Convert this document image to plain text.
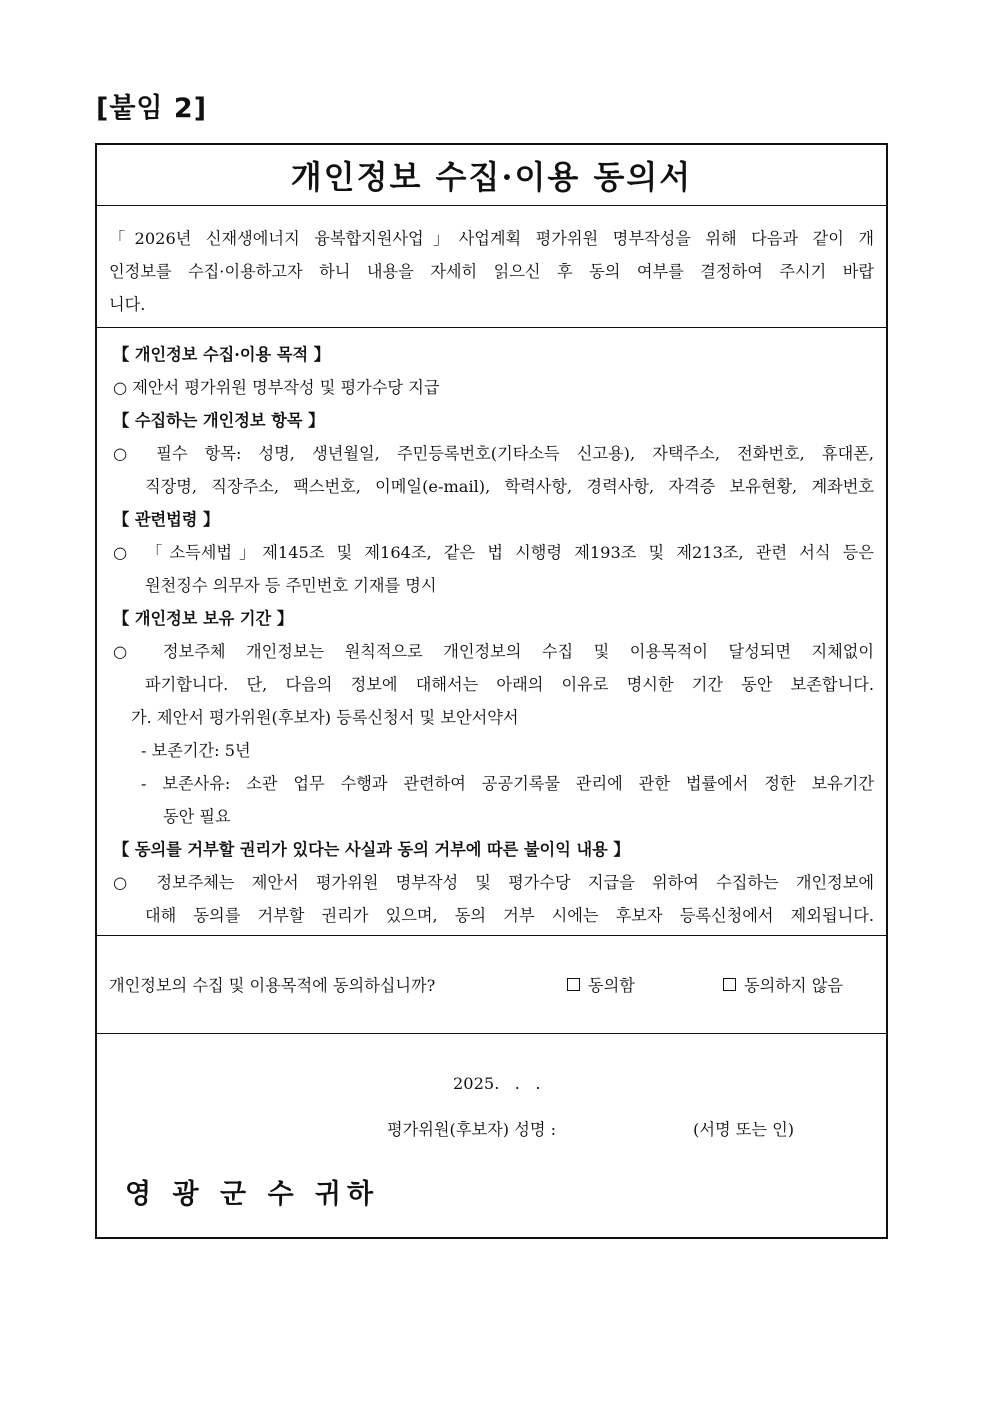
[붙임 2]
개인정보 수집·이용 동의서
「2026년 신재생에너지 융복합지원사업」사업계획 평가위원 명부작성을 위해 다음과 같이 개
인정보를 수집·이용하고자 하니 내용을 자세히 읽으신 후 동의 여부를 결정하여 주시기 바랍
니다.
【 개인정보 수집·이용 목적 】
○ 제안서 평가위원 명부작성 및 평가수당 지급
【 수집하는 개인정보 항목 】
○ 필수 항목: 성명, 생년월일, 주민등록번호(기타소득 신고용), 자택주소, 전화번호, 휴대폰,
직장명, 직장주소, 팩스번호, 이메일(e-mail), 학력사항, 경력사항, 자격증 보유현황, 계좌번호
【 관련법령 】
○ 「소득세법」제145조 및 제164조, 같은 법 시행령 제193조 및 제213조, 관련 서식 등은
원천징수 의무자 등 주민번호 기재를 명시
【 개인정보 보유 기간 】
○ 정보주체 개인정보는 원칙적으로 개인정보의 수집 및 이용목적이 달성되면 지체없이
파기합니다. 단, 다음의 정보에 대해서는 아래의 이유로 명시한 기간 동안 보존합니다.
가. 제안서 평가위원(후보자) 등록신청서 및 보안서약서
- 보존기간: 5년
- 보존사유: 소관 업무 수행과 관련하여 공공기록물 관리에 관한 법률에서 정한 보유기간
동안 필요
【 동의를 거부할 권리가 있다는 사실과 동의 거부에 따른 불이익 내용 】
○ 정보주체는 제안서 평가위원 명부작성 및 평가수당 지급을 위하여 수집하는 개인정보에
대해 동의를 거부할 권리가 있으며, 동의 거부 시에는 후보자 등록신청에서 제외됩니다.
개인정보의 수집 및 이용목적에 동의하십니까?	동의함	동의하지 않음
2025.   .   .
평가위원(후보자) 성명 :	(서명 또는 인)
영 광 군 수 귀하
